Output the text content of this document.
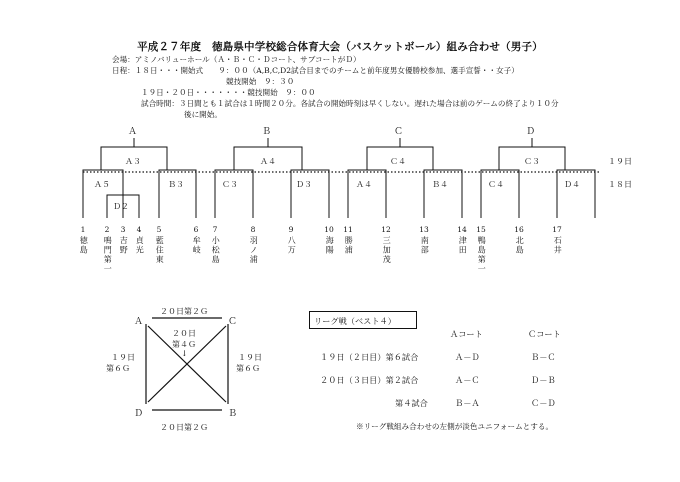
平成２７年度　徳島県中学校総合体育大会（バスケットボール）組み合わせ（男子）
会場：アミノバリューホール（Ａ・Ｂ・Ｃ・Ｄコート、サブコートがＤ）
日程：１８日・・・開始式　　９：００（A,B,C,D2試合目までのチームと前年度男女優勝校参加、選手宣誓・・女子）
競技開始　９：３０
１９日・２０日・・・・・・・競技開始　９：００
試合時間：３日間とも１試合は１時間２０分。各試合の開始時刻は早くしない。遅れた場合は前のゲームの終了より１０分
後に開始。
Ａ	Ｂ	Ｃ	Ｄ
Ａ３	Ａ４	Ｃ４	Ｃ３
Ａ５	Ｂ３	Ｃ３	Ｄ３	Ａ４	Ｂ４	Ｃ４	Ｄ４
Ｄ２
１９日
１８日
1
徳島
2
鳴門第一
3
吉野
4
貞光
5
藍住東
6
牟岐
7
小松島
8
羽ノ浦
9
八万
10
海陽
11
勝浦
12
三加茂
13
南部
14
津田
15
鴨島第一
16
北島
17
石井
２０日第２Ｇ
２０日第２Ｇ
Ａ	Ｃ
Ｄ	Ｂ
１９日
第６Ｇ
１９日
第６Ｇ
２０日
第４Ｇ
↓
リーグ戦（ベスト４）
Ａコート	Ｃコート
１９日（２日目）第６試合	Ａ－Ｄ	Ｂ－Ｃ
２０日（３日目）第２試合	Ａ－Ｃ	Ｄ－Ｂ
第４試合	Ｂ－Ａ	Ｃ－Ｄ
※リーグ戦組み合わせの左側が淡色ユニフォームとする。
